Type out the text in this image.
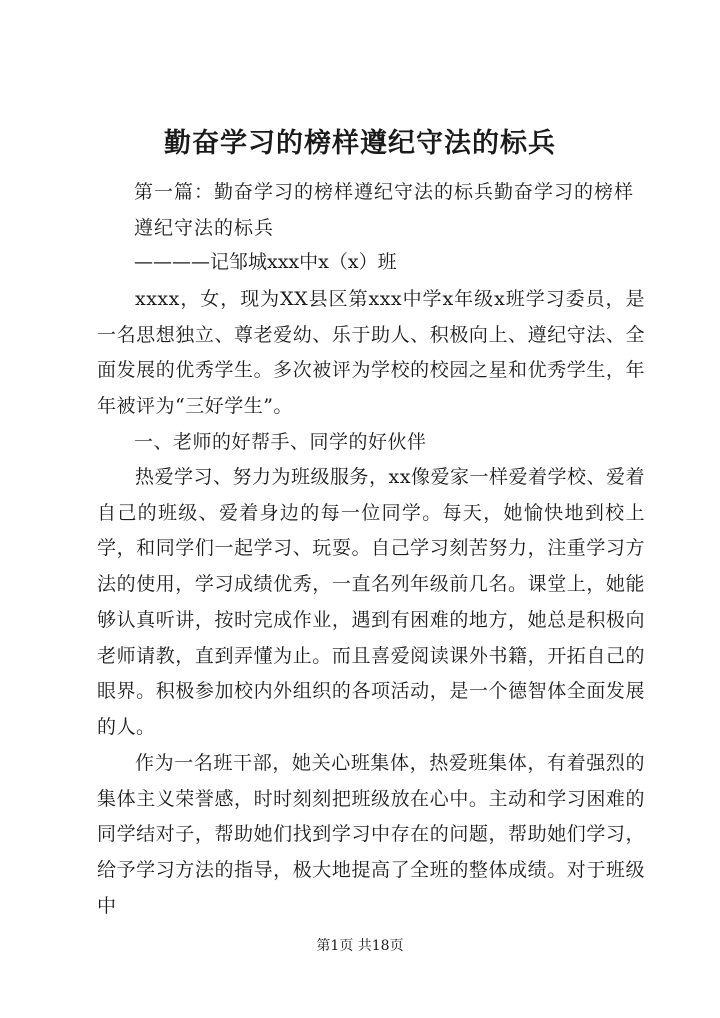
勤奋学习的榜样遵纪守法的标兵
第一篇：勤奋学习的榜样遵纪守法的标兵勤奋学习的榜样遵纪守法的标兵
————记邹城xxx中x（x）班
xxxx，女，现为XX县区第xxx中学x年级x班学习委员，是一名思想独立、尊老爱幼、乐于助人、积极向上、遵纪守法、全面发展的优秀学生。多次被评为学校的校园之星和优秀学生，年年被评为“三好学生”。
一、老师的好帮手、同学的好伙伴
热爱学习、努力为班级服务，xx像爱家一样爱着学校、爱着自己的班级、爱着身边的每一位同学。每天，她愉快地到校上学，和同学们一起学习、玩耍。自己学习刻苦努力，注重学习方法的使用，学习成绩优秀，一直名列年级前几名。课堂上，她能够认真听讲，按时完成作业，遇到有困难的地方，她总是积极向老师请教，直到弄懂为止。而且喜爱阅读课外书籍，开拓自己的眼界。积极参加校内外组织的各项活动，是一个德智体全面发展的人。
作为一名班干部，她关心班集体，热爱班集体，有着强烈的集体主义荣誉感，时时刻刻把班级放在心中。主动和学习困难的同学结对子，帮助她们找到学习中存在的问题，帮助她们学习，给予学习方法的指导，极大地提高了全班的整体成绩。对于班级中
第1页 共18页
